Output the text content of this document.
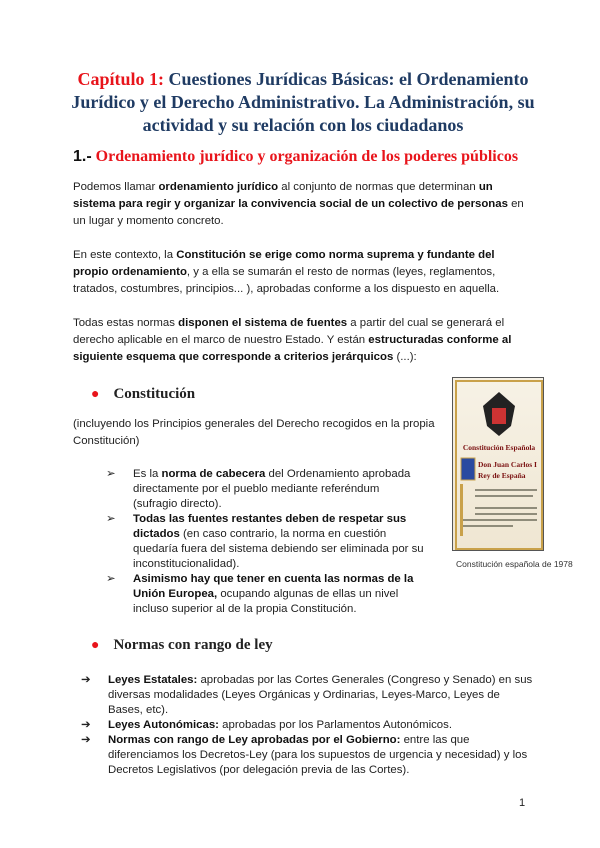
Capítulo 1: Cuestiones Jurídicas Básicas: el Ordenamiento Jurídico y el Derecho Administrativo. La Administración, su actividad y su relación con los ciudadanos
1.- Ordenamiento jurídico y organización de los poderes públicos

Podemos llamar ordenamiento jurídico al conjunto de normas que determinan un sistema para regir y organizar la convivencia social de un colectivo de personas en un lugar y momento concreto.

En este contexto, la Constitución se erige como norma suprema y fundante del propio ordenamiento, y a ella se sumarán el resto de normas (leyes, reglamentos, tratados, costumbres, principios... ), aprobadas conforme a los dispuesto en aquella.

Todas estas normas disponen el sistema de fuentes a partir del cual se generará el derecho aplicable en el marco de nuestro Estado. Y están estructuradas conforme al siguiente esquema que corresponde a criterios jerárquicos (...):

● Constitución

(incluyendo los Principios generales del Derecho recogidos en la propia Constitución)

➢ Es la norma de cabecera del Ordenamiento aprobada directamente por el pueblo mediante referéndum (sufragio directo).
➢ Todas las fuentes restantes deben de respetar sus dictados (en caso contrario, la norma en cuestión quedaría fuera del sistema debiendo ser eliminada por su inconstitucionalidad).
➢ Asimismo hay que tener en cuenta las normas de la Unión Europea, ocupando algunas de ellas un nivel incluso superior al de la propia Constitución.
● Normas con rango de ley
➔ Leyes Estatales: aprobadas por las Cortes Generales (Congreso y Senado) en sus diversas modalidades (Leyes Orgánicas y Ordinarias, Leyes-Marco, Leyes de Bases, etc).
➔ Leyes Autonómicas: aprobadas por los Parlamentos Autonómicos.
➔ Normas con rango de Ley aprobadas por el Gobierno: entre las que diferenciamos los Decretos-Ley (para los supuestos de urgencia y necesidad) y los Decretos Legislativos (por delegación previa de las Cortes).
Constitución Española
Don Juan Carlos I
Rey de España
Constitución española de 1978
1
